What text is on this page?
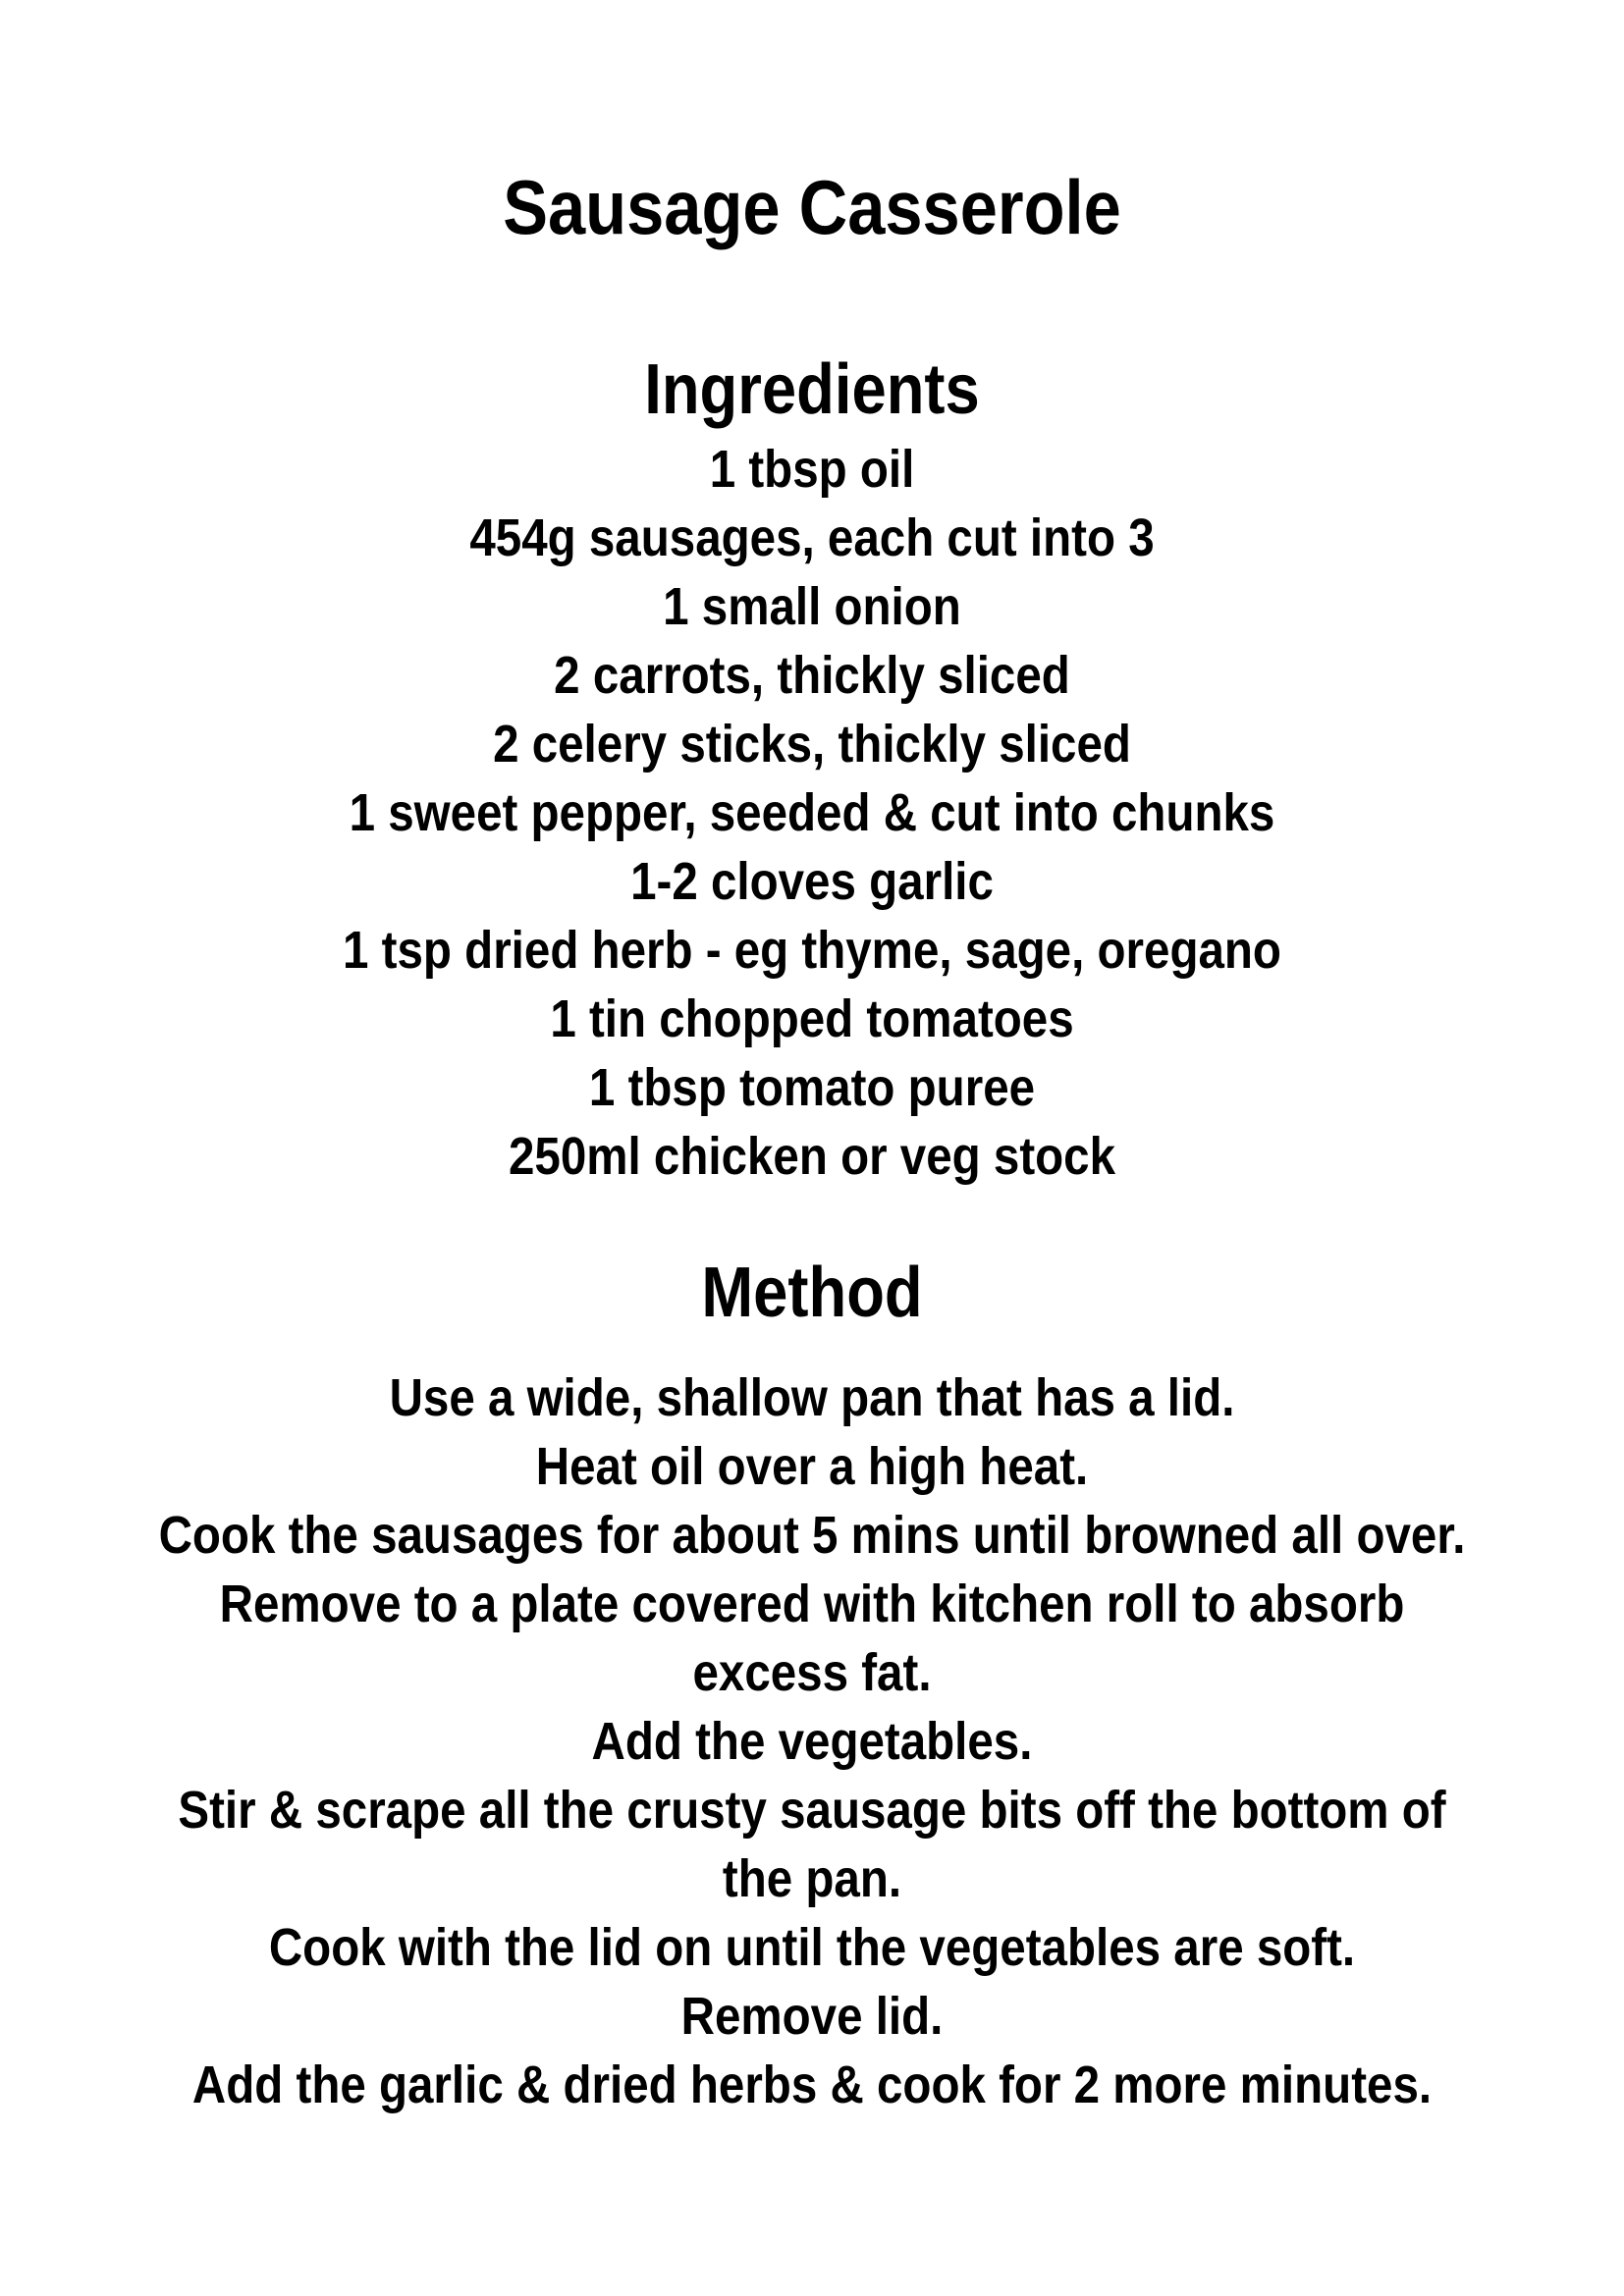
Sausage Casserole
Ingredients
1 tbsp oil
454g sausages, each cut into 3
1 small onion
2 carrots, thickly sliced
2 celery sticks, thickly sliced
1 sweet pepper, seeded & cut into chunks
1-2 cloves garlic
1 tsp dried herb - eg thyme, sage, oregano
1 tin chopped tomatoes
1 tbsp tomato puree
250ml chicken or veg stock
Method
Use a wide, shallow pan that has a lid.
Heat oil over a high heat.
Cook the sausages for about 5 mins until browned all over.
Remove to a plate covered with kitchen roll to absorb
excess fat.
Add the vegetables.
Stir & scrape all the crusty sausage bits off the bottom of
the pan.
Cook with the lid on until the vegetables are soft.
Remove lid.
Add the garlic & dried herbs & cook for 2 more minutes.
